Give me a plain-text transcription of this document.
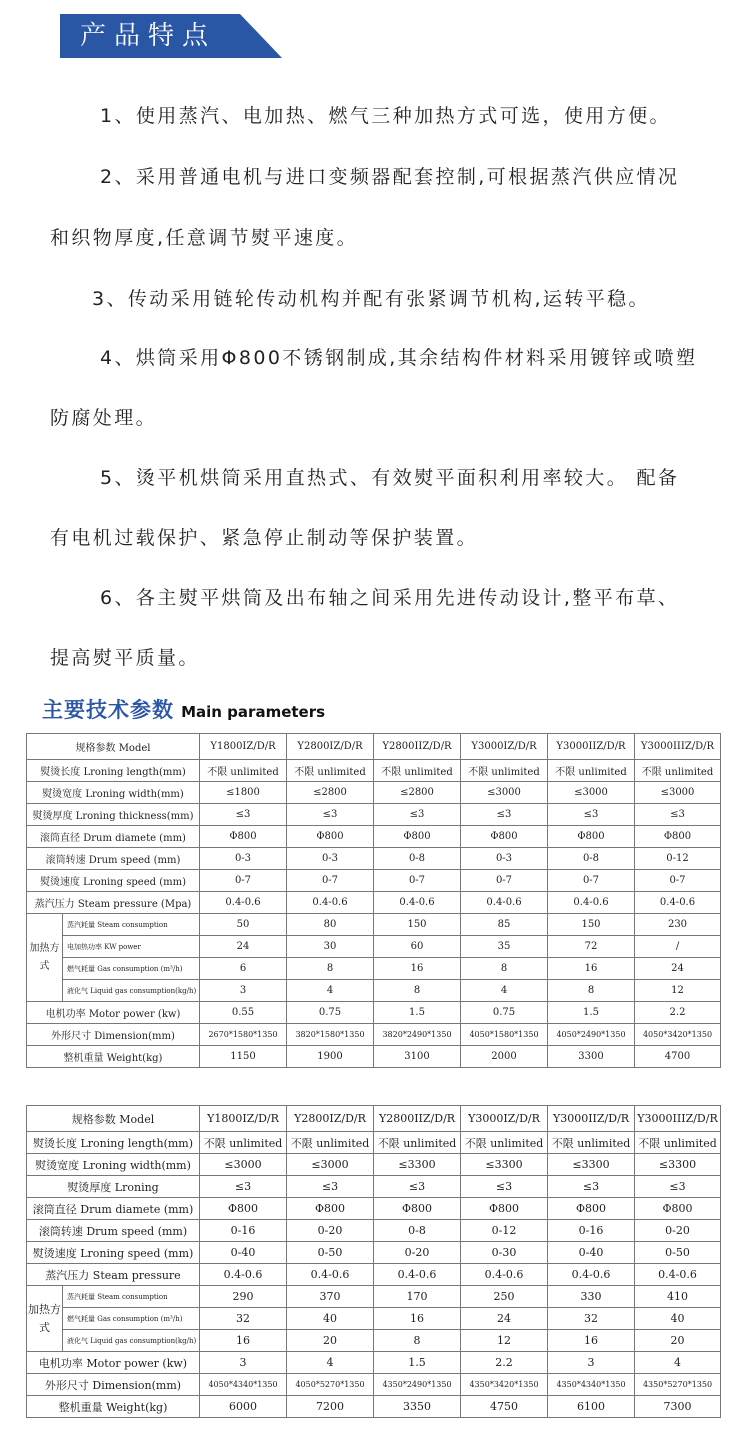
产品特点
1、使用蒸汽、电加热、燃气三种加热方式可选，使用方便。
2、采用普通电机与进口变频器配套控制,可根据蒸汽供应情况
和织物厚度,任意调节熨平速度。
3、传动采用链轮传动机构并配有张紧调节机构,运转平稳。
4、烘筒采用Φ800不锈钢制成,其余结构件材料采用镀锌或喷塑
防腐处理。
5、烫平机烘筒采用直热式、有效熨平面积利用率较大。 配备
有电机过载保护、紧急停止制动等保护装置。
6、各主熨平烘筒及出布轴之间采用先进传动设计,整平布草、
提高熨平质量。
主要技术参数 Main parameters
规格参数 Model		Y1800IZ/D/R	Y2800IZ/D/R	Y2800IIZ/D/R	Y3000IZ/D/R	Y3000IIZ/D/R	Y3000IIIZ/D/R
熨烫长度 Lroning length(mm)		不限 unlimited	不限 unlimited	不限 unlimited	不限 unlimited	不限 unlimited	不限 unlimited
熨烫宽度 Lroning width(mm)		≤1800	≤2800	≤2800	≤3000	≤3000	≤3000
熨烫厚度 Lroning thickness(mm)		≤3	≤3	≤3	≤3	≤3	≤3
滚筒直径 Drum diamete (mm)		Φ800	Φ800	Φ800	Φ800	Φ800	Φ800
滚筒转速 Drum speed (mm)		0-3	0-3	0-8	0-3	0-8	0-12
熨烫速度 Lroning speed (mm)		0-7	0-7	0-7	0-7	0-7	0-7
蒸汽压力 Steam pressure (Mpa)		0.4-0.6	0.4-0.6	0.4-0.6	0.4-0.6	0.4-0.6	0.4-0.6
加热方式	蒸汽耗量 Steam consumption	50	80	150	85	150	230
	电加热功率 KW power	24	30	60	35	72	/
	燃气耗量 Gas consumption (m³/h)	6	8	16	8	16	24
	液化气 Liquid gas consumption(kg/h)	3	4	8	4	8	12
电机功率 Motor power (kw)		0.55	0.75	1.5	0.75	1.5	2.2
外形尺寸 Dimension(mm)		2670*1580*1350	3820*1580*1350	3820*2490*1350	4050*1580*1350	4050*2490*1350	4050*3420*1350
整机重量 Weight(kg)		1150	1900	3100	2000	3300	4700
规格参数 Model		Y1800IZ/D/R	Y2800IZ/D/R	Y2800IIZ/D/R	Y3000IZ/D/R	Y3000IIZ/D/R	Y3000IIIZ/D/R
熨烫长度 Lroning length(mm)		不限 unlimited	不限 unlimited	不限 unlimited	不限 unlimited	不限 unlimited	不限 unlimited
熨烫宽度 Lroning width(mm)		≤3000	≤3000	≤3300	≤3300	≤3300	≤3300
熨烫厚度 Lroning		≤3	≤3	≤3	≤3	≤3	≤3
滚筒直径 Drum diamete (mm)		Φ800	Φ800	Φ800	Φ800	Φ800	Φ800
滚筒转速 Drum speed (mm)		0-16	0-20	0-8	0-12	0-16	0-20
熨烫速度 Lroning speed (mm)		0-40	0-50	0-20	0-30	0-40	0-50
蒸汽压力 Steam pressure		0.4-0.6	0.4-0.6	0.4-0.6	0.4-0.6	0.4-0.6	0.4-0.6
加热方式	蒸汽耗量 Steam consumption	290	370	170	250	330	410
	燃气耗量 Gas consumption (m³/h)	32	40	16	24	32	40
	液化气 Liquid gas consumption(kg/h)	16	20	8	12	16	20
电机功率 Motor power (kw)		3	4	1.5	2.2	3	4
外形尺寸 Dimension(mm)		4050*4340*1350	4050*5270*1350	4350*2490*1350	4350*3420*1350	4350*4340*1350	4350*5270*1350
整机重量 Weight(kg)		6000	7200	3350	4750	6100	7300
